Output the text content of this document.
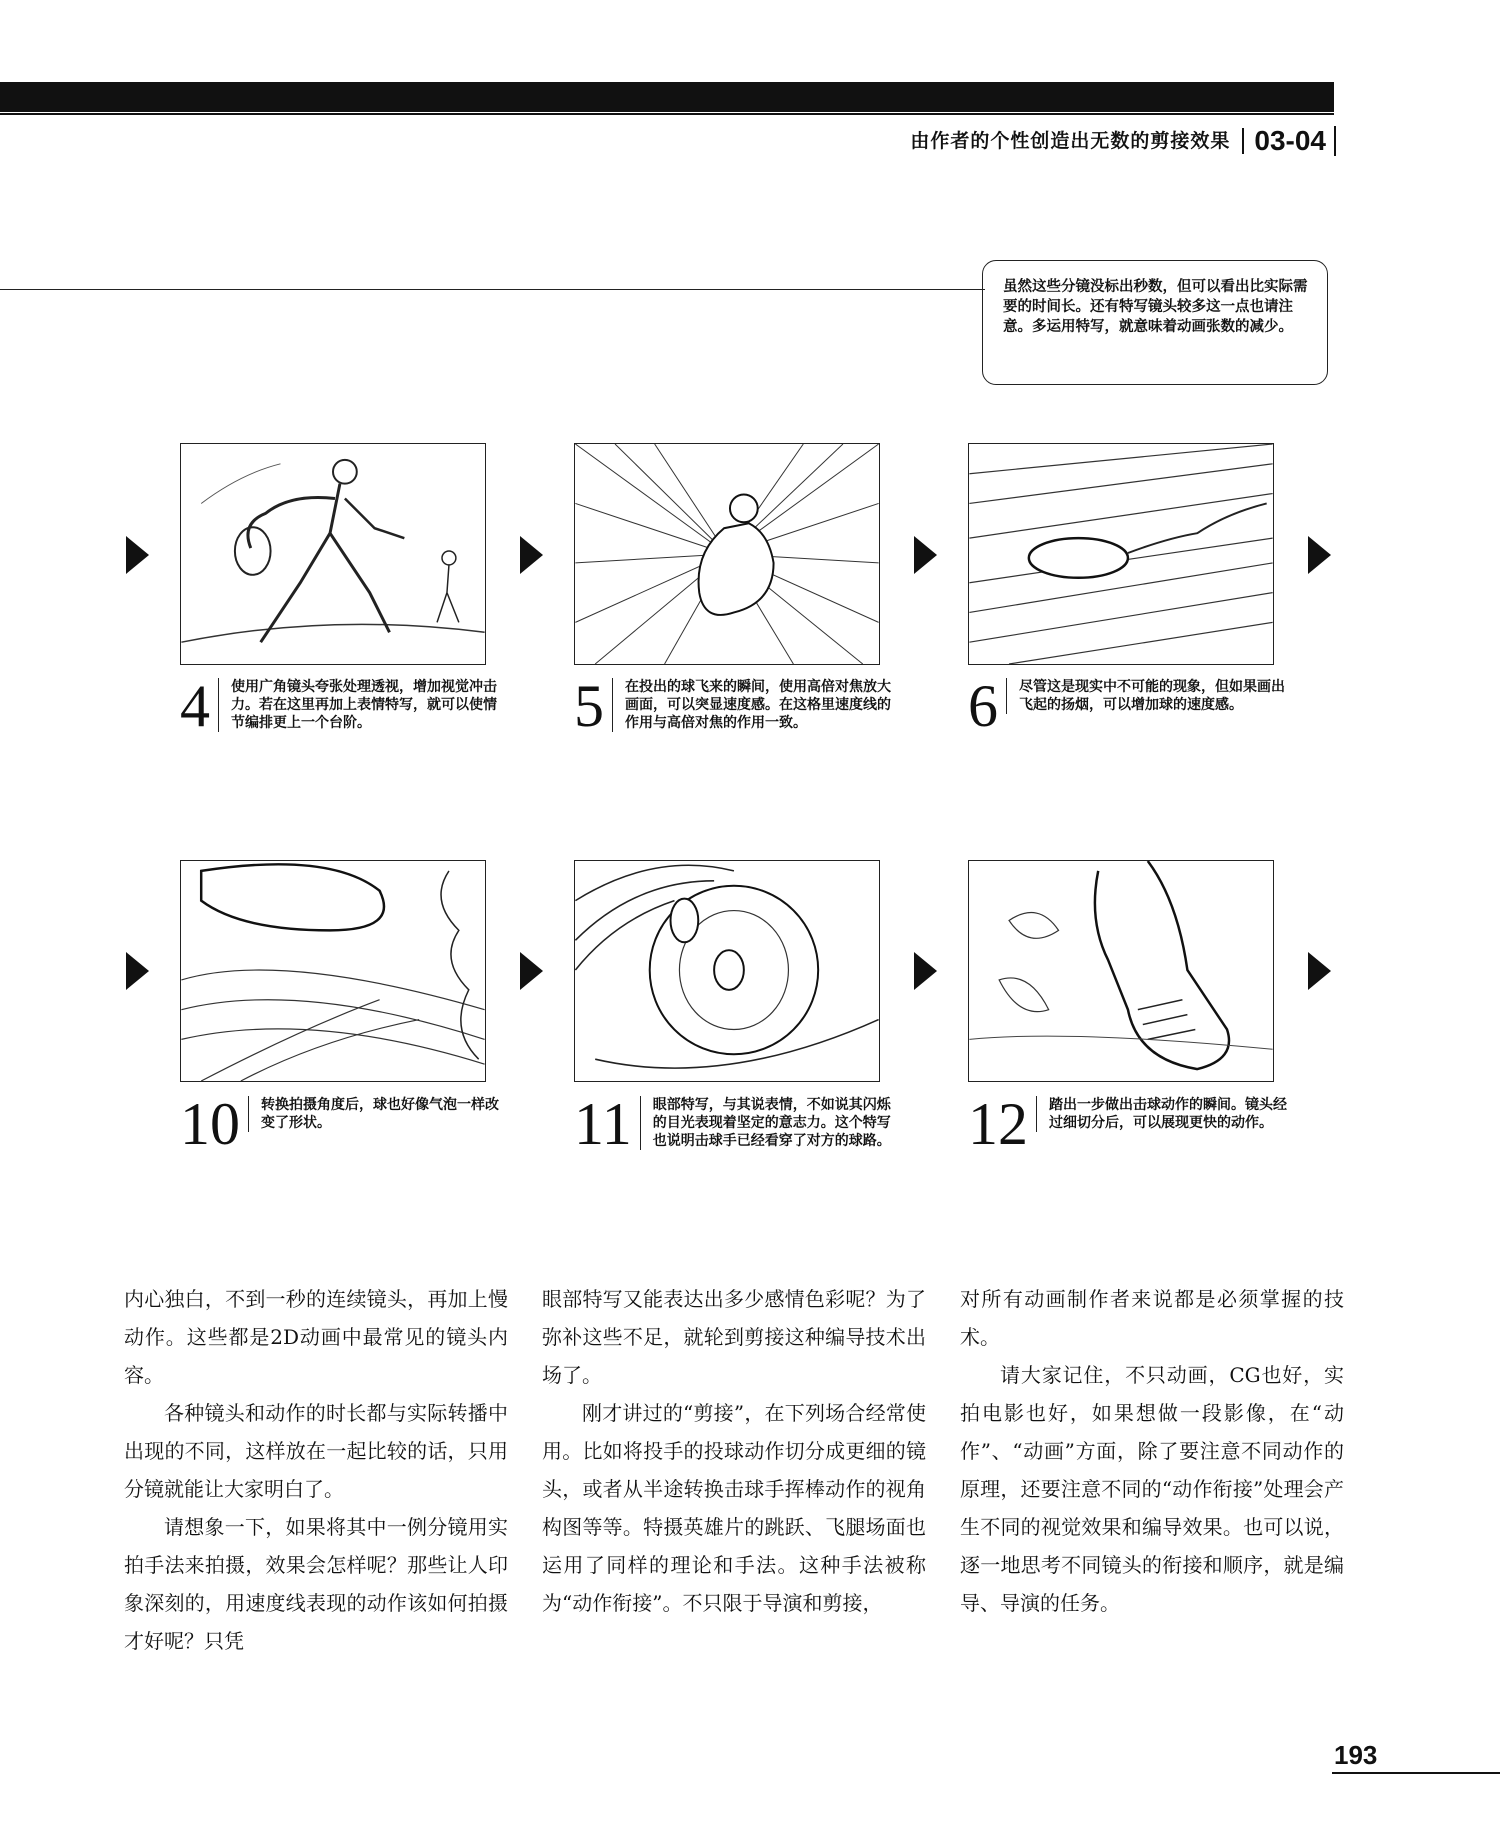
由作者的个性创造出无数的剪接效果 03-04
虽然这些分镜没标出秒数，但可以看出比实际需要的时间长。还有特写镜头较多这一点也请注意。多运用特写，就意味着动画张数的减少。
4	使用广角镜头夸张处理透视，增加视觉冲击力。若在这里再加上表情特写，就可以使情节编排更上一个台阶。	5	在投出的球飞来的瞬间，使用高倍对焦放大画面，可以突显速度感。在这格里速度线的作用与高倍对焦的作用一致。	6	尽管这是现实中不可能的现象，但如果画出飞起的扬烟，可以增加球的速度感。
10	转换拍摄角度后，球也好像气泡一样改变了形状。	11	眼部特写，与其说表情，不如说其闪烁的目光表现着坚定的意志力。这个特写也说明击球手已经看穿了对方的球路。 12	踏出一步做出击球动作的瞬间。镜头经过细切分后，可以展现更快的动作。

内心独白，不到一秒的连续镜头，再加上慢动作。这些都是2D动画中最常见的镜头内容。

各种镜头和动作的时长都与实际转播中出现的不同，这样放在一起比较的话，只用分镜就能让大家明白了。

请想象一下，如果将其中一例分镜用实拍手法来拍摄，效果会怎样呢？那些让人印象深刻的，用速度线表现的动作该如何拍摄才好呢？只凭

眼部特写又能表达出多少感情色彩呢？为了弥补这些不足，就轮到剪接这种编导技术出场了。

刚才讲过的“剪接”，在下列场合经常使用。比如将投手的投球动作切分成更细的镜头，或者从半途转换击球手挥棒动作的视角构图等等。特摄英雄片的跳跃、飞腿场面也运用了同样的理论和手法。这种手法被称为“动作衔接”。不只限于导演和剪接，

对所有动画制作者来说都是必须掌握的技术。

请大家记住，不只动画，CG也好，实拍电影也好，如果想做一段影像，在“动作”、“动画”方面，除了要注意不同动作的原理，还要注意不同的“动作衔接”处理会产生不同的视觉效果和编导效果。也可以说，逐一地思考不同镜头的衔接和顺序，就是编导、导演的任务。

193
